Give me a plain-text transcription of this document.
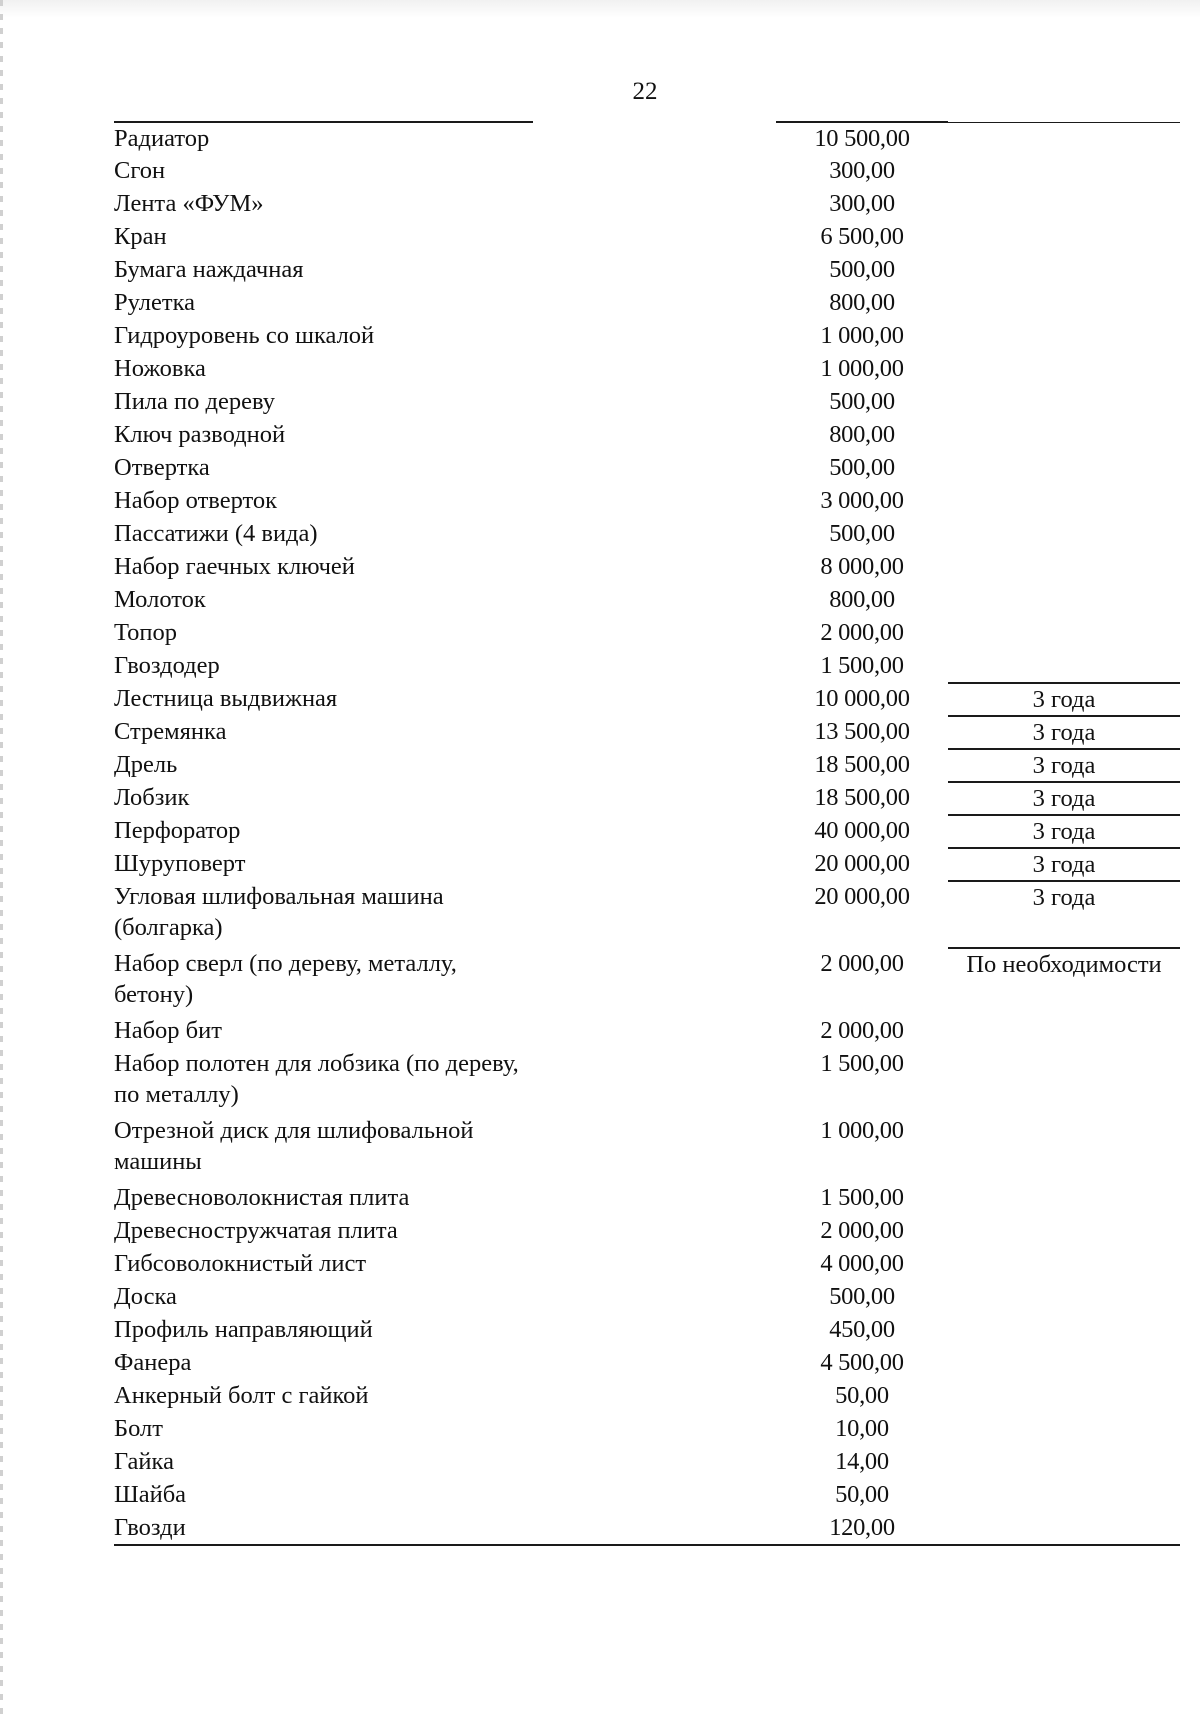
22
Радиатор		10 500,00	
Сгон		300,00	
Лента «ФУМ»		300,00	
Кран		6 500,00	
Бумага наждачная		500,00	
Рулетка		800,00	
Гидроуровень со шкалой		1 000,00	
Ножовка		1 000,00	
Пила по дереву		500,00	
Ключ разводной		800,00	
Отвертка		500,00	
Набор отверток		3 000,00	
Пассатижи (4 вида)		500,00	
Набор гаечных ключей		8 000,00	
Молоток		800,00	
Топор		2 000,00	
Гвоздодер		1 500,00	
Лестница выдвижная		10 000,00	3 года
Стремянка		13 500,00	3 года
Дрель		18 500,00	3 года
Лобзик		18 500,00	3 года
Перфоратор		40 000,00	3 года
Шуруповерт		20 000,00	3 года
Угловая шлифовальная машина (болгарка)		20 000,00	3 года
Набор сверл (по дереву, металлу, бетону)		2 000,00	По необходимости
Набор бит		2 000,00	
Набор полотен для лобзика (по дереву, по металлу)		1 500,00	
Отрезной диск для шлифовальной машины		1 000,00	
Древесноволокнистая плита		1 500,00	
Древесностружчатая плита		2 000,00	
Гибсоволокнистый лист		4 000,00	
Доска		500,00	
Профиль направляющий		450,00	
Фанера		4 500,00	
Анкерный болт с гайкой		50,00	
Болт		10,00	
Гайка		14,00	
Шайба		50,00	
Гвозди		120,00	
